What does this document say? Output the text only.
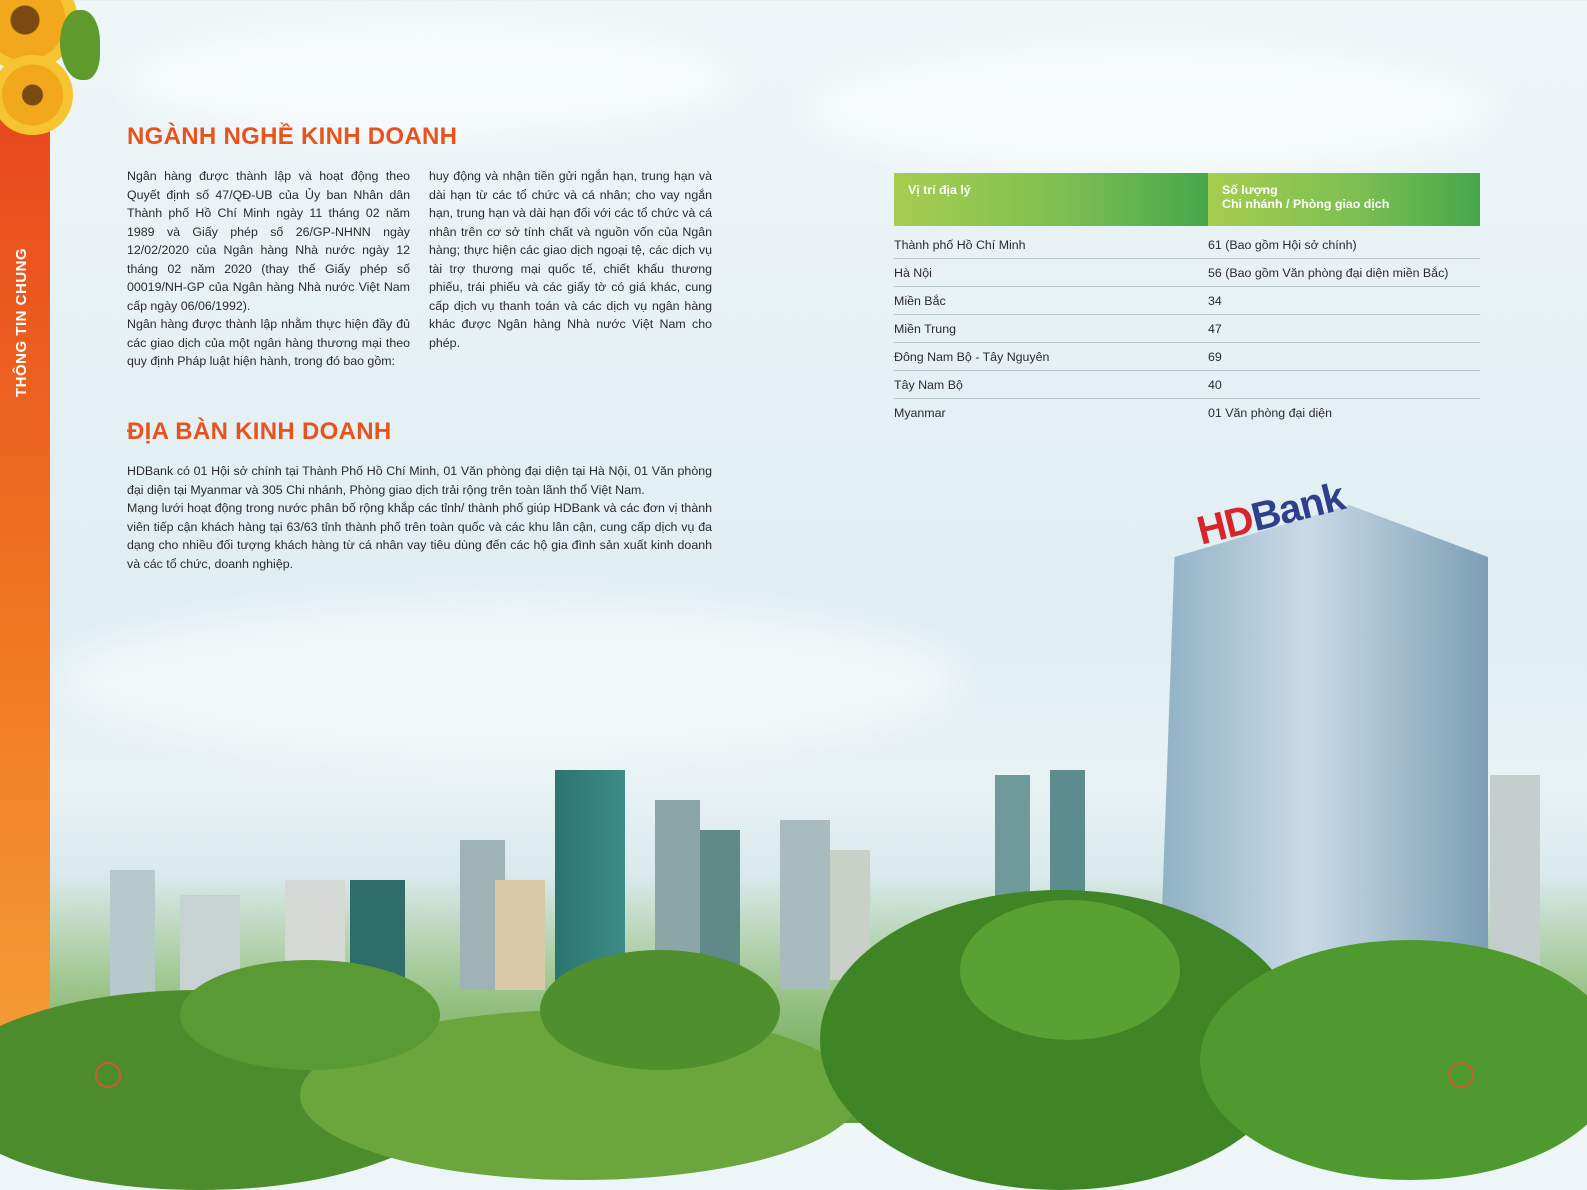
THÔNG TIN CHUNG
NGÀNH NGHỀ KINH DOANH

Ngân hàng được thành lập và hoạt động theo Quyết định số 47/QĐ-UB của Ủy ban Nhân dân Thành phố Hồ Chí Minh ngày 11 tháng 02 năm 1989 và Giấy phép số 26/GP-NHNN ngày 12/02/2020 của Ngân hàng Nhà nước ngày 12 tháng 02 năm 2020 (thay thế Giấy phép số 00019/NH-GP của Ngân hàng Nhà nước Việt Nam cấp ngày 06/06/1992).

Ngân hàng được thành lập nhằm thực hiện đầy đủ các giao dịch của một ngân hàng thương mại theo quy định Pháp luật hiện hành, trong đó bao gồm:

huy động và nhận tiền gửi ngắn hạn, trung hạn và dài hạn từ các tổ chức và cá nhân; cho vay ngắn hạn, trung hạn và dài hạn đối với các tổ chức và cá nhân trên cơ sở tính chất và nguồn vốn của Ngân hàng; thực hiện các giao dịch ngoại tệ, các dịch vụ tài trợ thương mại quốc tế, chiết khấu thương phiếu, trái phiếu và các giấy tờ có giá khác, cung cấp dịch vụ thanh toán và các dịch vụ ngân hàng khác được Ngân hàng Nhà nước Việt Nam cho phép.

ĐỊA BÀN KINH DOANH

HDBank có 01 Hội sở chính tại Thành Phố Hồ Chí Minh, 01 Văn phòng đại diện tại Hà Nội, 01 Văn phòng đại diện tại Myanmar và 305 Chi nhánh, Phòng giao dịch trải rộng trên toàn lãnh thổ Việt Nam.

Mạng lưới hoạt động trong nước phân bố rộng khắp các tỉnh/ thành phố giúp HDBank và các đơn vị thành viên tiếp cận khách hàng tại 63/63 tỉnh thành phố trên toàn quốc và các khu lân cận, cung cấp dịch vụ đa dạng cho nhiều đối tượng khách hàng từ cá nhân vay tiêu dùng đến các hộ gia đình sản xuất kinh doanh và các tổ chức, doanh nghiệp.

Vị trí địa lý	Số lượng
Chi nhánh / Phòng giao dịch

Thành phố Hồ Chí Minh	61 (Bao gồm Hội sở chính)
Hà Nội	56 (Bao gồm Văn phòng đại diện miền Bắc)
Miền Bắc	34
Miền Trung	47
Đông Nam Bộ - Tây Nguyên	69
Tây Nam Bộ	40
Myanmar	01 Văn phòng đại diện
HDBank
